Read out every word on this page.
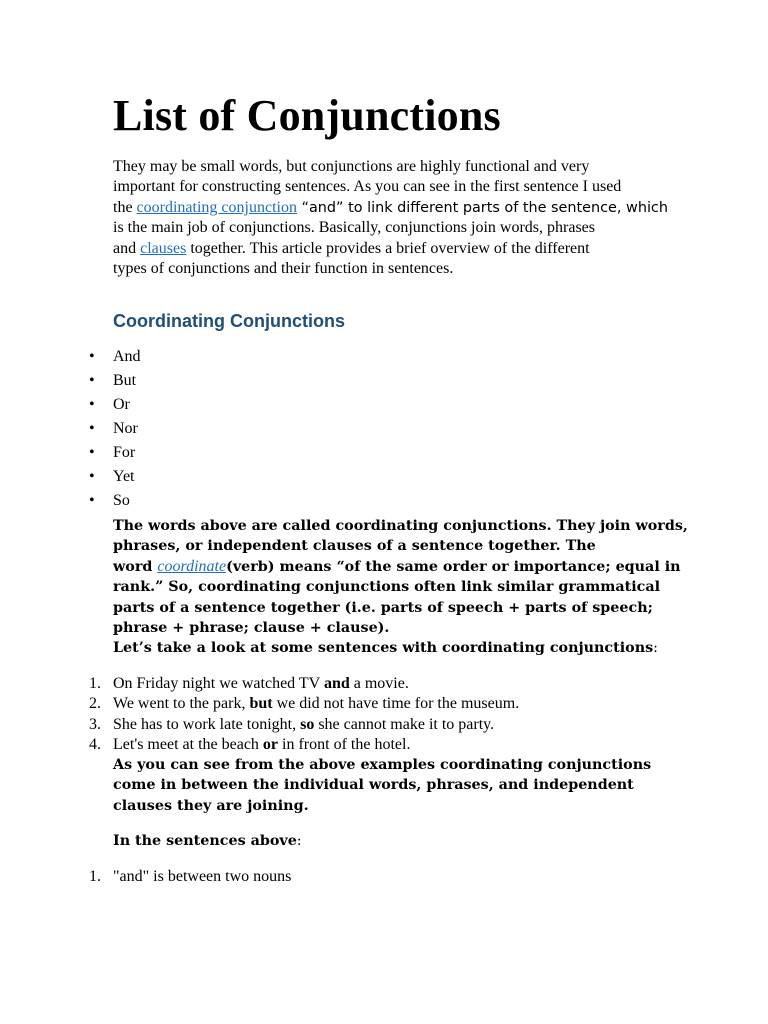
List of Conjunctions

They may be small words, but conjunctions are highly functional and very
important for constructing sentences. As you can see in the first sentence I used
the coordinating conjunction “and” to link different parts of the sentence, which
is the main job of conjunctions. Basically, conjunctions join words, phrases
and clauses together. This article provides a brief overview of the different
types of conjunctions and their function in sentences.

Coordinating Conjunctions
• And
• But
• Or
• Nor
• For
• Yet
• So

The words above are called coordinating conjunctions. They join words,
phrases, or independent clauses of a sentence together. The
word coordinate(verb) means “of the same order or importance; equal in
rank.” So, coordinating conjunctions often link similar grammatical
parts of a sentence together (i.e. parts of speech + parts of speech;
phrase + phrase; clause + clause).
Let’s take a look at some sentences with coordinating conjunctions:

1. On Friday night we watched TV and a movie.
2. We went to the park, but we did not have time for the museum.
3. She has to work late tonight, so she cannot make it to party.
4. Let's meet at the beach or in front of the hotel.

As you can see from the above examples coordinating conjunctions
come in between the individual words, phrases, and independent
clauses they are joining.

In the sentences above:

1. "and" is between two nouns
